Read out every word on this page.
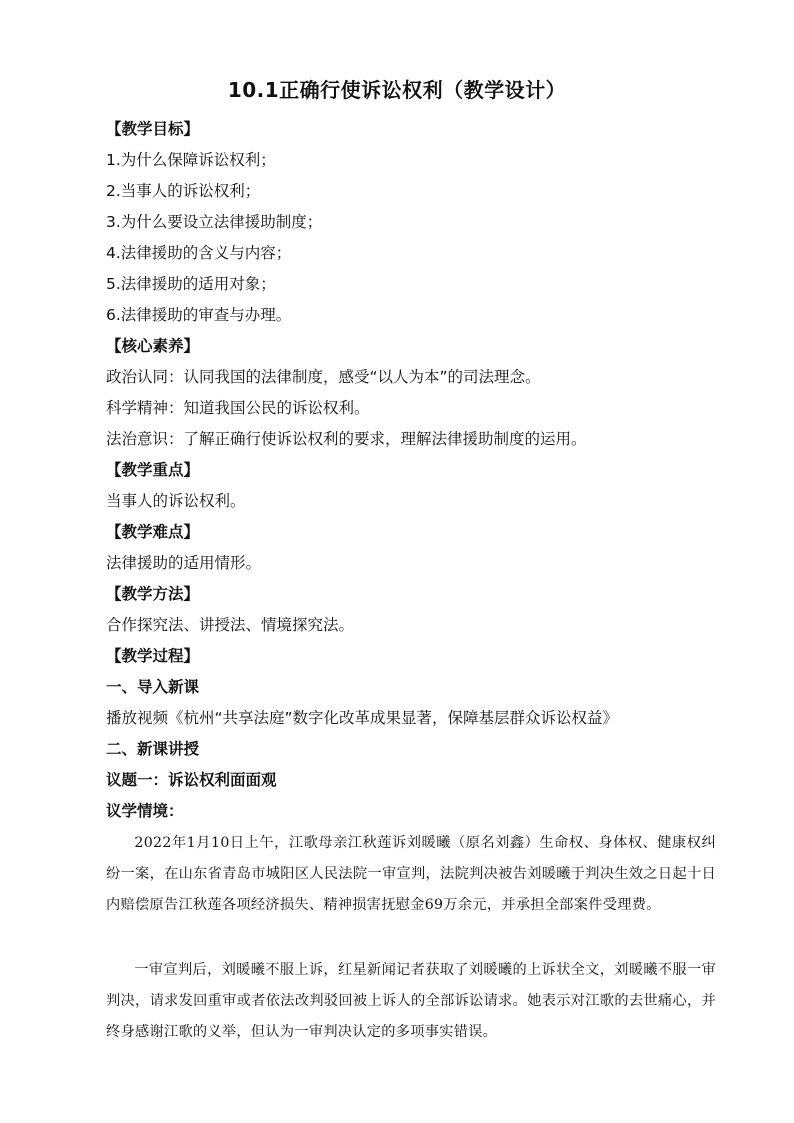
10.1正确行使诉讼权利（教学设计）
【教学目标】
1.为什么保障诉讼权利；
2.当事人的诉讼权利；
3.为什么要设立法律援助制度；
4.法律援助的含义与内容；
5.法律援助的适用对象；
6.法律援助的审查与办理。
【核心素养】
政治认同：认同我国的法律制度，感受“以人为本”的司法理念。
科学精神：知道我国公民的诉讼权利。
法治意识：了解正确行使诉讼权利的要求，理解法律援助制度的运用。
【教学重点】
当事人的诉讼权利。
【教学难点】
法律援助的适用情形。
【教学方法】
合作探究法、讲授法、情境探究法。
【教学过程】
一、导入新课
播放视频《杭州“共享法庭”数字化改革成果显著，保障基层群众诉讼权益》
二、新课讲授
议题一：诉讼权利面面观
议学情境：
2022年1月10日上午，江歌母亲江秋莲诉刘暖曦（原名刘鑫）生命权、身体权、健康权纠纷一案，在山东省青岛市城阳区人民法院一审宣判，法院判决被告刘暖曦于判决生效之日起十日内赔偿原告江秋莲各项经济损失、精神损害抚慰金69万余元，并承担全部案件受理费。
一审宣判后，刘暖曦不服上诉，红星新闻记者获取了刘暖曦的上诉状全文，刘暖曦不服一审判决，请求发回重审或者依法改判驳回被上诉人的全部诉讼请求。她表示对江歌的去世痛心，并终身感谢江歌的义举，但认为一审判决认定的多项事实错误。
